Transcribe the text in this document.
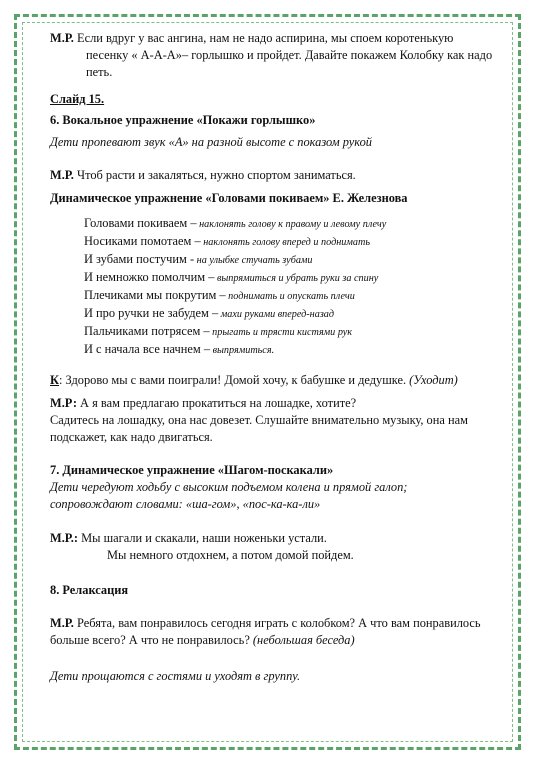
М.Р. Если вдруг у вас ангина, нам не надо аспирина, мы споем коротенькую
песенку « А-А-А»– горлышко и пройдет. Давайте покажем Колобку как надо
петь.
Слайд 15.
6. Вокальное упражнение «Покажи горлышко»
Дети пропевают звук «А» на разной высоте с показом рукой
М.Р. Чтоб расти и закаляться, нужно спортом заниматься.
Динамическое упражнение «Головами покиваем» Е. Железнова
Головами покиваем – наклонять голову к правому и левому плечу
Носиками помотаем – наклонять голову вперед и поднимать
И зубами постучим - на улыбке стучать зубами
И немножко помолчим – выпрямиться и убрать руки за спину
Плечиками мы покрутим – поднимать и опускать плечи
И про ручки не забудем – махи руками вперед-назад
Пальчиками потрясем – прыгать и трясти кистями рук
И с начала все начнем – выпрямиться.
К: Здорово мы с вами поиграли! Домой хочу, к бабушке и дедушке. (Уходит)
М.Р: А я вам предлагаю прокатиться на лошадке, хотите?
Садитесь на лошадку, она нас довезет. Слушайте внимательно музыку, она нам
подскажет, как надо двигаться.
7. Динамическое упражнение «Шагом-поскакали»
Дети чередуют ходьбу с высоким подъемом колена и прямой галоп;
сопровождают словами: «ша-гом», «пос-ка-ка-ли»
М.Р.: Мы шагали и скакали, наши ноженьки устали.
Мы немного отдохнем, а потом домой пойдем.
8. Релаксация
М.Р. Ребята, вам понравилось сегодня играть с колобком? А что вам понравилось
больше всего? А что не понравилось? (небольшая беседа)
Дети прощаются с гостями и уходят в группу.
